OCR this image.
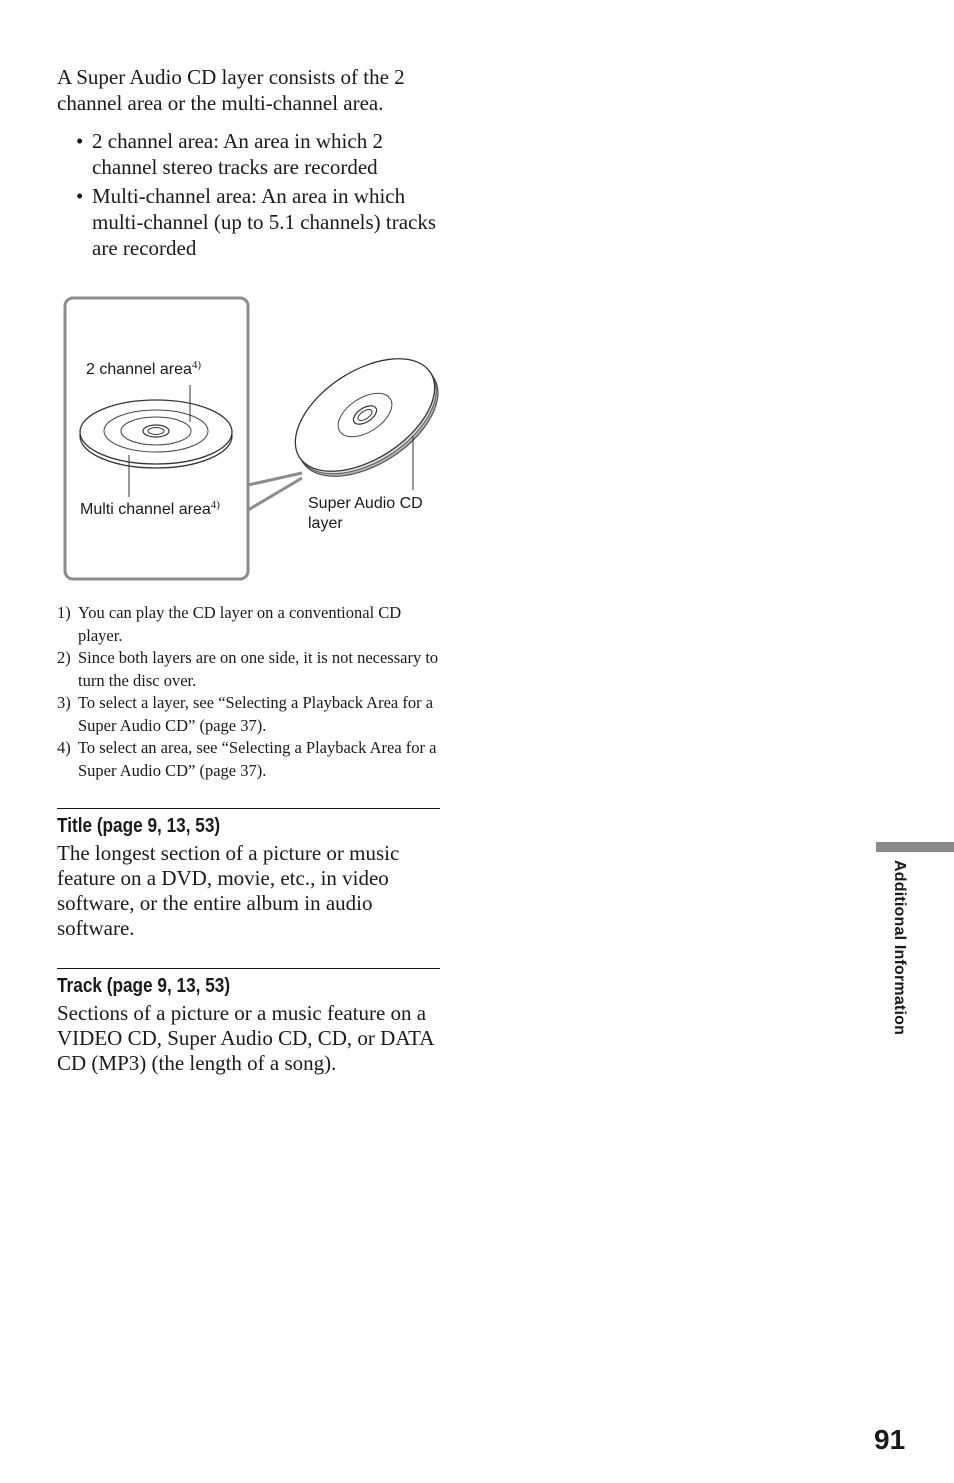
A Super Audio CD layer consists of the 2 channel area or the multi-channel area.

• 2 channel area: An area in which 2 channel stereo tracks are recorded
• Multi-channel area: An area in which multi-channel (up to 5.1 channels) tracks are recorded
2 channel area$^{4)}$
Multi channel area$^{4)}$	Super Audio CD
layer
1) You can play the CD layer on a conventional CD player.
2) Since both layers are on one side, it is not necessary to turn the disc over.
3) To select a layer, see “Selecting a Playback Area for a Super Audio CD” (page 37).
4) To select an area, see “Selecting a Playback Area for a Super Audio CD” (page 37).
Title (page 9, 13, 53)

The longest section of a picture or music feature on a DVD, movie, etc., in video software, or the entire album in audio software.

Track (page 9, 13, 53)

Sections of a picture or a music feature on a VIDEO CD, Super Audio CD, CD, or DATA CD (MP3) (the length of a song).

Additional Information
91
